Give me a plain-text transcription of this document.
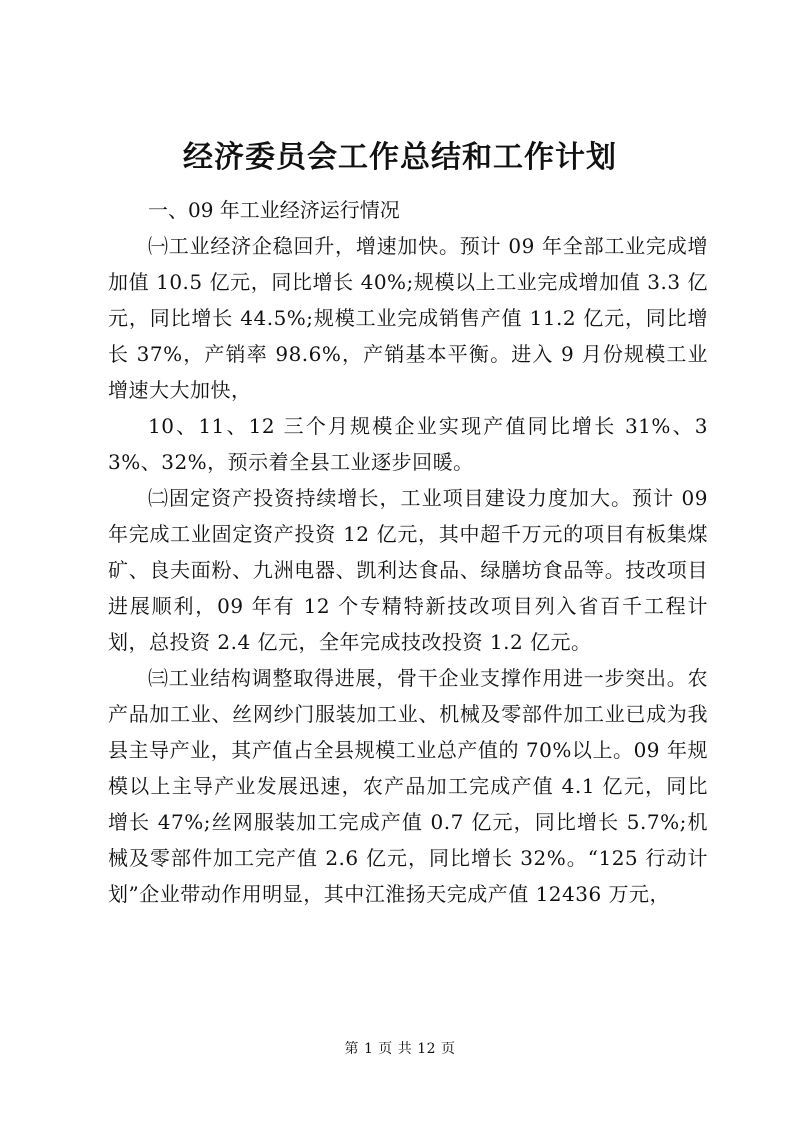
经济委员会工作总结和工作计划

一、09 年工业经济运行情况

㈠工业经济企稳回升，增速加快。预计 09 年全部工业完成增加值 10.5 亿元，同比增长 40%;规模以上工业完成增加值 3.3 亿元，同比增长 44.5%;规模工业完成销售产值 11.2 亿元，同比增长 37%，产销率 98.6%，产销基本平衡。进入 9 月份规模工业增速大大加快，

10、11、12 三个月规模企业实现产值同比增长 31%、33%、32%，预示着全县工业逐步回暖。

㈡固定资产投资持续增长，工业项目建设力度加大。预计 09 年完成工业固定资产投资 12 亿元，其中超千万元的项目有板集煤矿、良夫面粉、九洲电器、凯利达食品、绿膳坊食品等。技改项目进展顺利，09 年有 12 个专精特新技改项目列入省百千工程计划，总投资 2.4 亿元，全年完成技改投资 1.2 亿元。

㈢工业结构调整取得进展，骨干企业支撑作用进一步突出。农产品加工业、丝网纱门服装加工业、机械及零部件加工业已成为我县主导产业，其产值占全县规模工业总产值的 70%以上。09 年规模以上主导产业发展迅速，农产品加工完成产值 4.1 亿元，同比增长 47%;丝网服装加工完成产值 0.7 亿元，同比增长 5.7%;机械及零部件加工完产值 2.6 亿元，同比增长 32%。“125 行动计划”企业带动作用明显，其中江淮扬天完成产值 12436 万元，

第 1 页 共 12 页
